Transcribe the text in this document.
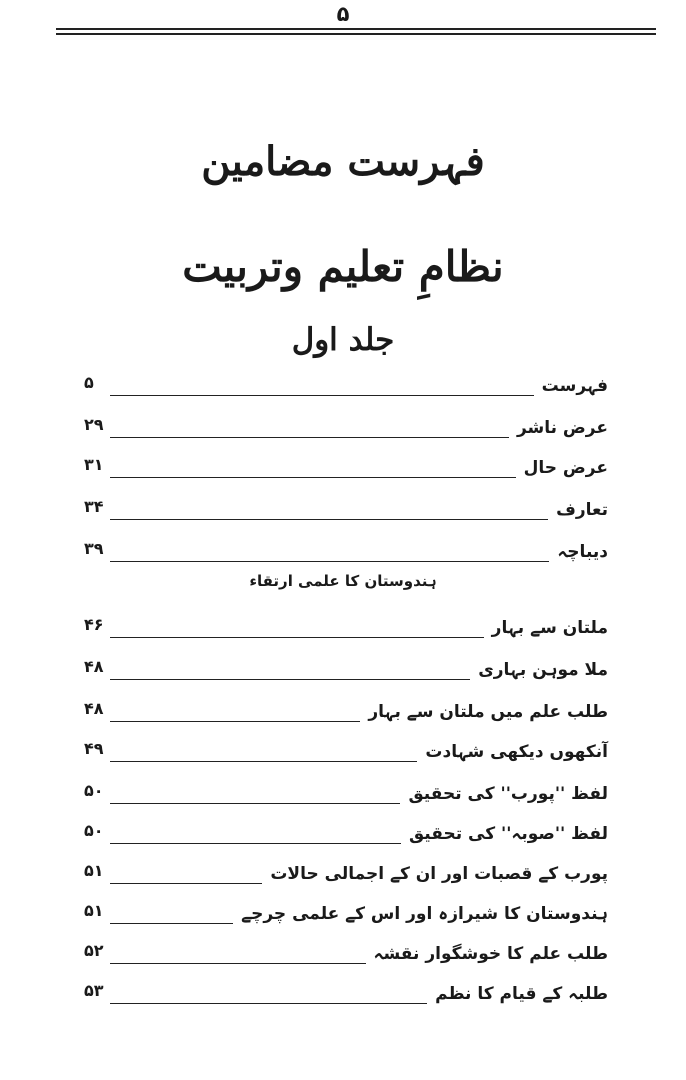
۵
فہرست مضامین
نظامِ تعلیم وتربیت
جلد اول
ہندوستان کا علمی ارتقاء
فہرست
۵
عرض ناشر
۲۹
عرض حال
۳۱
تعارف
۳۴
دیباچہ
۳۹
ملتان سے بہار
۴۶
ملا موہن بہاری
۴۸
طلب علم میں ملتان سے بہار
۴۸
آنکھوں دیکھی شہادت
۴۹
لفظ ''پورب'' کی تحقیق
۵۰
لفظ ''صوبہ'' کی تحقیق
۵۰
پورب کے قصبات اور ان کے اجمالی حالات
۵۱
ہندوستان کا شیرازہ اور اس کے علمی چرچے
۵۱
طلب علم کا خوشگوار نقشہ
۵۲
طلبہ کے قیام کا نظم
۵۳
